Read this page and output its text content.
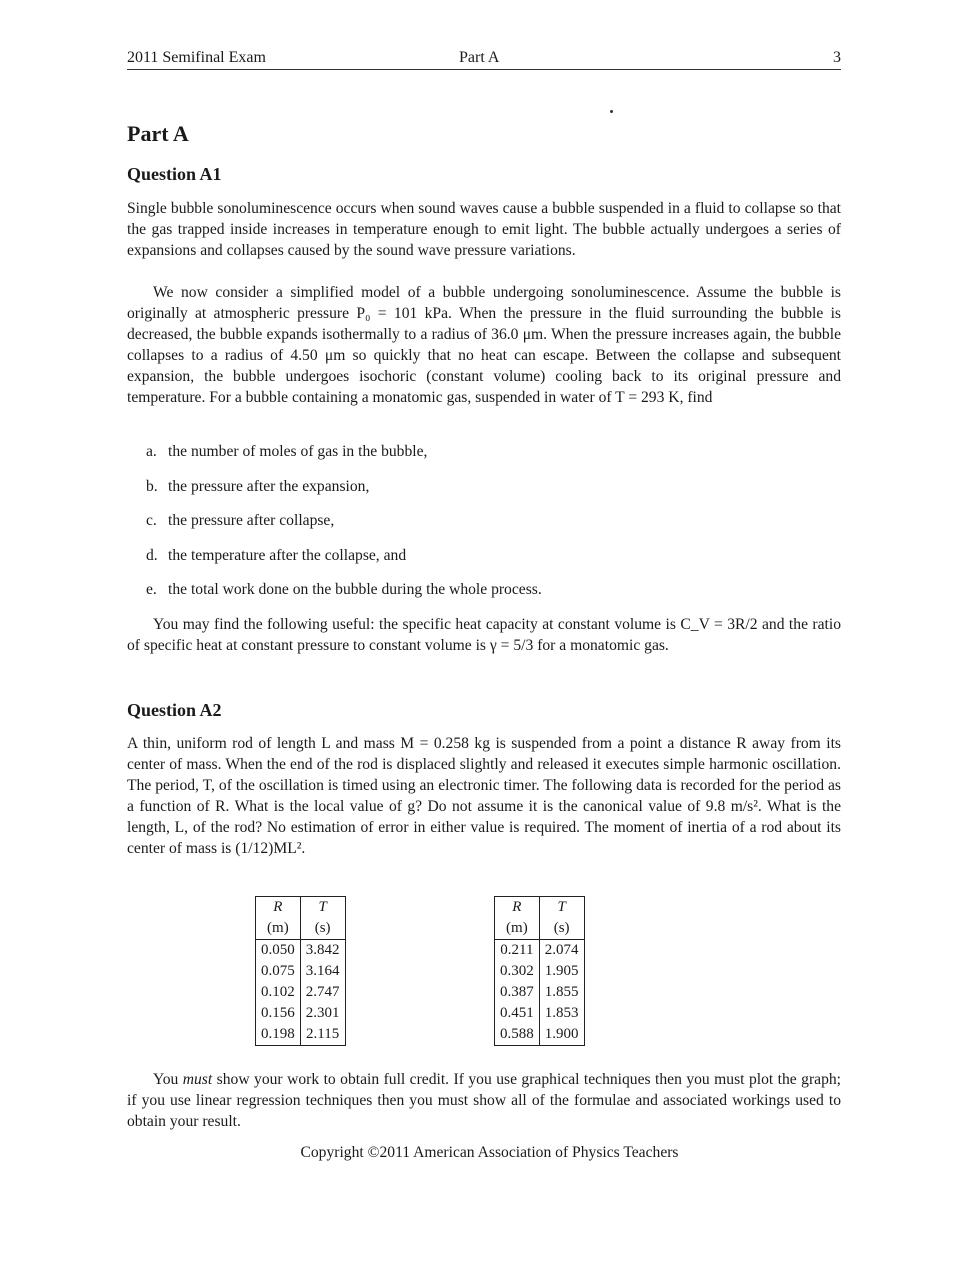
2011 Semifinal Exam	Part A	3
Part A
Question A1
Single bubble sonoluminescence occurs when sound waves cause a bubble suspended in a fluid to collapse so that the gas trapped inside increases in temperature enough to emit light. The bubble actually undergoes a series of expansions and collapses caused by the sound wave pressure variations.
We now consider a simplified model of a bubble undergoing sonoluminescence. Assume the bubble is originally at atmospheric pressure P₀ = 101 kPa. When the pressure in the fluid surrounding the bubble is decreased, the bubble expands isothermally to a radius of 36.0 μm. When the pressure increases again, the bubble collapses to a radius of 4.50 μm so quickly that no heat can escape. Between the collapse and subsequent expansion, the bubble undergoes isochoric (constant volume) cooling back to its original pressure and temperature. For a bubble containing a monatomic gas, suspended in water of T = 293 K, find
a. the number of moles of gas in the bubble,
b. the pressure after the expansion,
c. the pressure after collapse,
d. the temperature after the collapse, and
e. the total work done on the bubble during the whole process.
You may find the following useful: the specific heat capacity at constant volume is C_V = 3R/2 and the ratio of specific heat at constant pressure to constant volume is γ = 5/3 for a monatomic gas.
Question A2
A thin, uniform rod of length L and mass M = 0.258 kg is suspended from a point a distance R away from its center of mass. When the end of the rod is displaced slightly and released it executes simple harmonic oscillation. The period, T, of the oscillation is timed using an electronic timer. The following data is recorded for the period as a function of R. What is the local value of g? Do not assume it is the canonical value of 9.8 m/s². What is the length, L, of the rod? No estimation of error in either value is required. The moment of inertia of a rod about its center of mass is (1/12)ML².
R	T
(m)	(s)
0.050	3.842
0.075	3.164
0.102	2.747
0.156	2.301
0.198	2.115
R	T
(m)	(s)
0.211	2.074
0.302	1.905
0.387	1.855
0.451	1.853
0.588	1.900
You must show your work to obtain full credit. If you use graphical techniques then you must plot the graph; if you use linear regression techniques then you must show all of the formulae and associated workings used to obtain your result.
Copyright ©2011 American Association of Physics Teachers
